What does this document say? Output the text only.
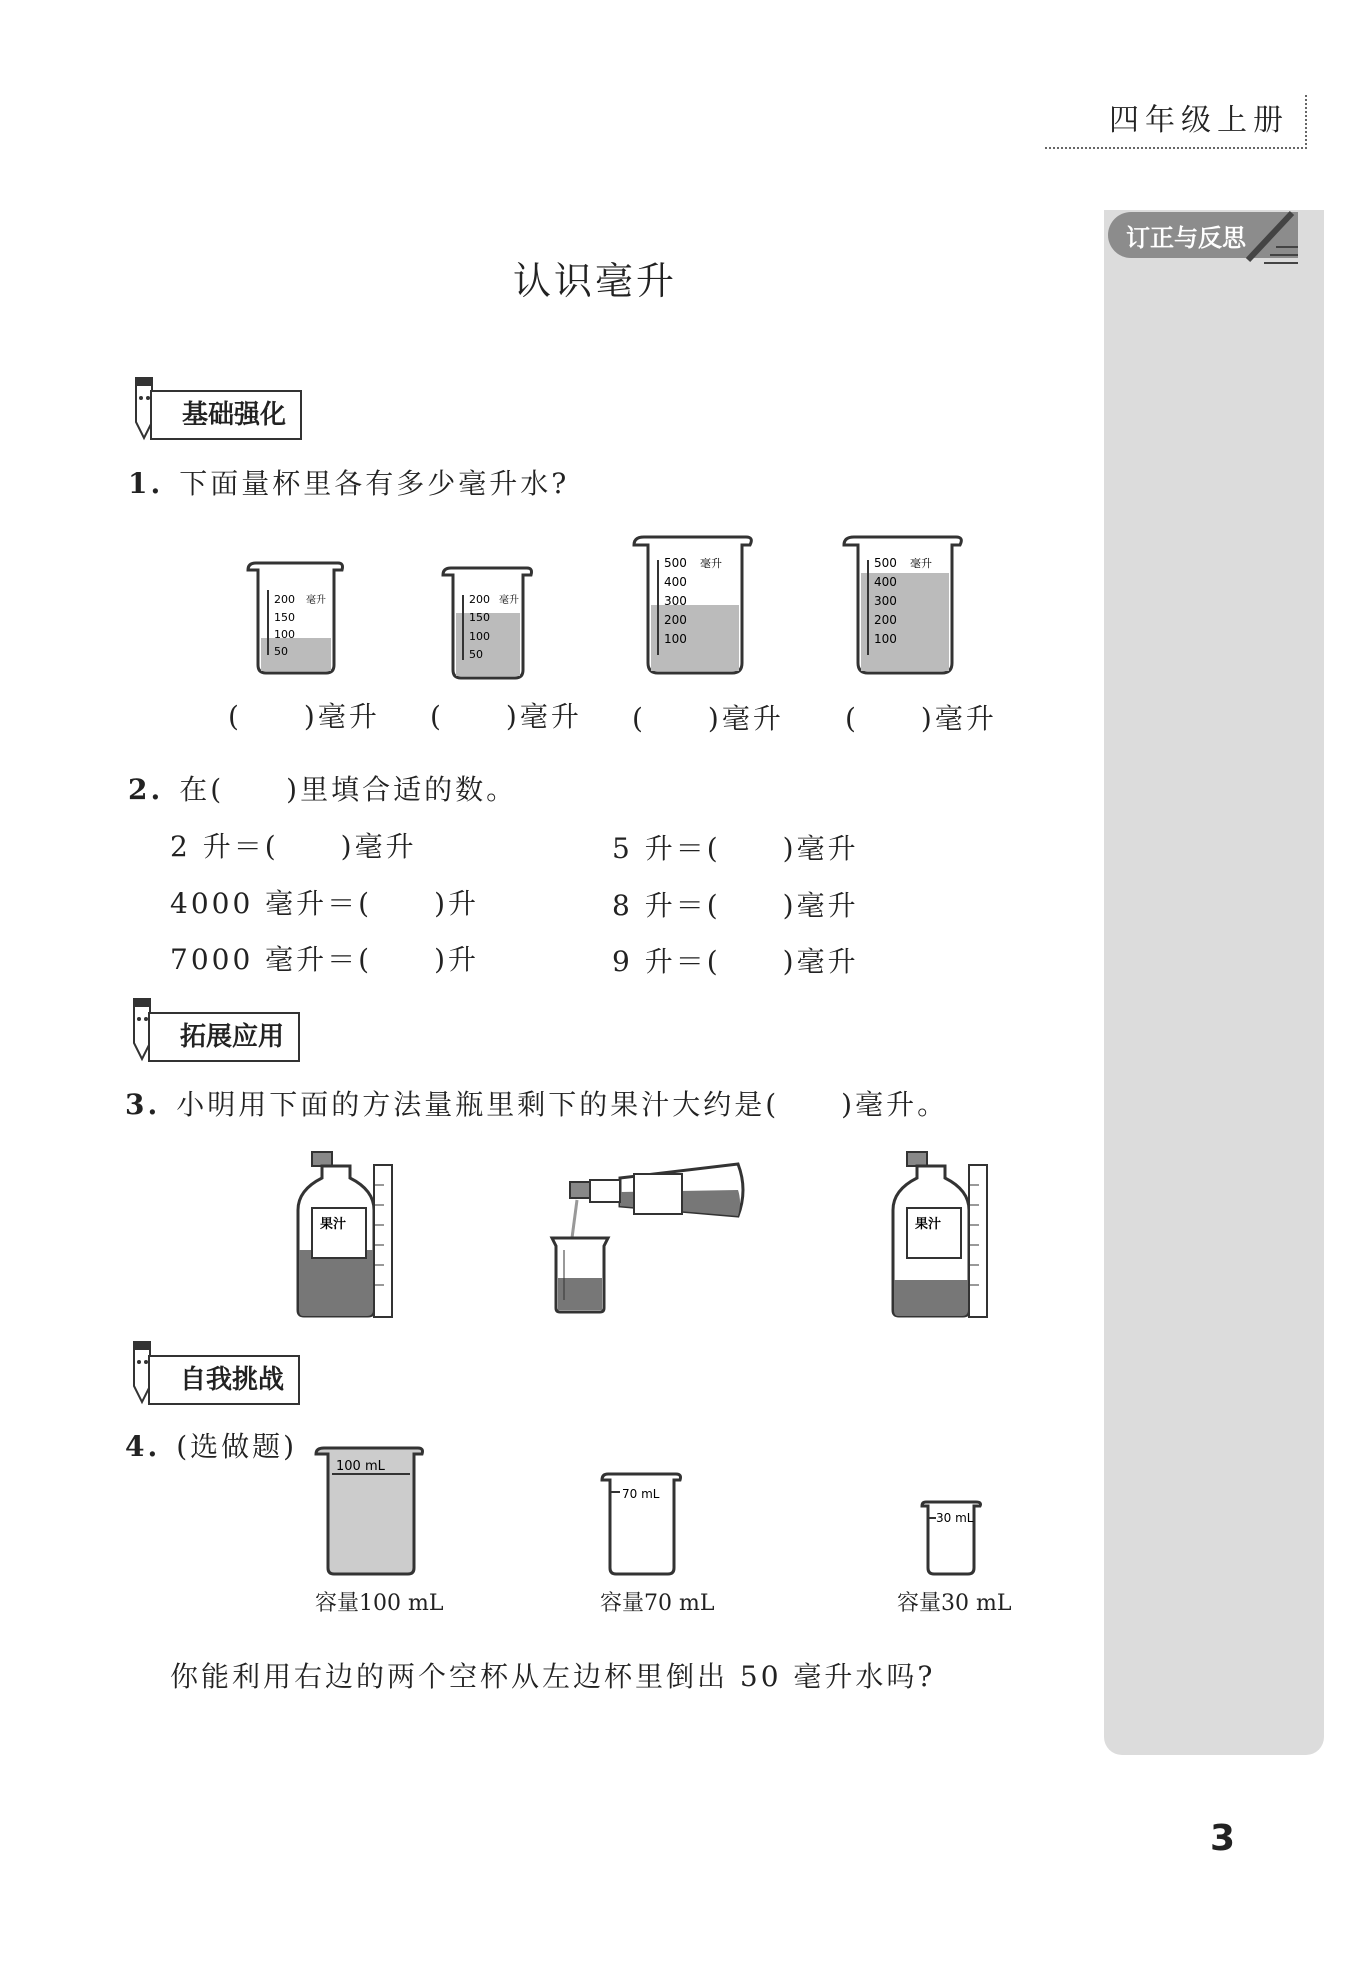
四年级上册
订正与反思
认识毫升
基础强化
1. 下面量杯里各有多少毫升水?
200 毫升
150
100
50
200 毫升
150
100
50
500 毫升
400
300
200
100
500 毫升
400
300
200
100
(　　)毫升 (　　)毫升 (　　)毫升 (　　)毫升
2. 在(　　)里填合适的数。
2 升＝(　　)毫升	5 升＝(　　)毫升
4000 毫升＝(　　)升	8 升＝(　　)毫升
7000 毫升＝(　　)升	9 升＝(　　)毫升
拓展应用
3. 小明用下面的方法量瓶里剩下的果汁大约是(　　)毫升。
果汁	果汁
自我挑战
4. (选做题)
100 mL
70 mL
30 mL
容量100 mL	容量70 mL	容量30 mL
你能利用右边的两个空杯从左边杯里倒出 50 毫升水吗?
3
